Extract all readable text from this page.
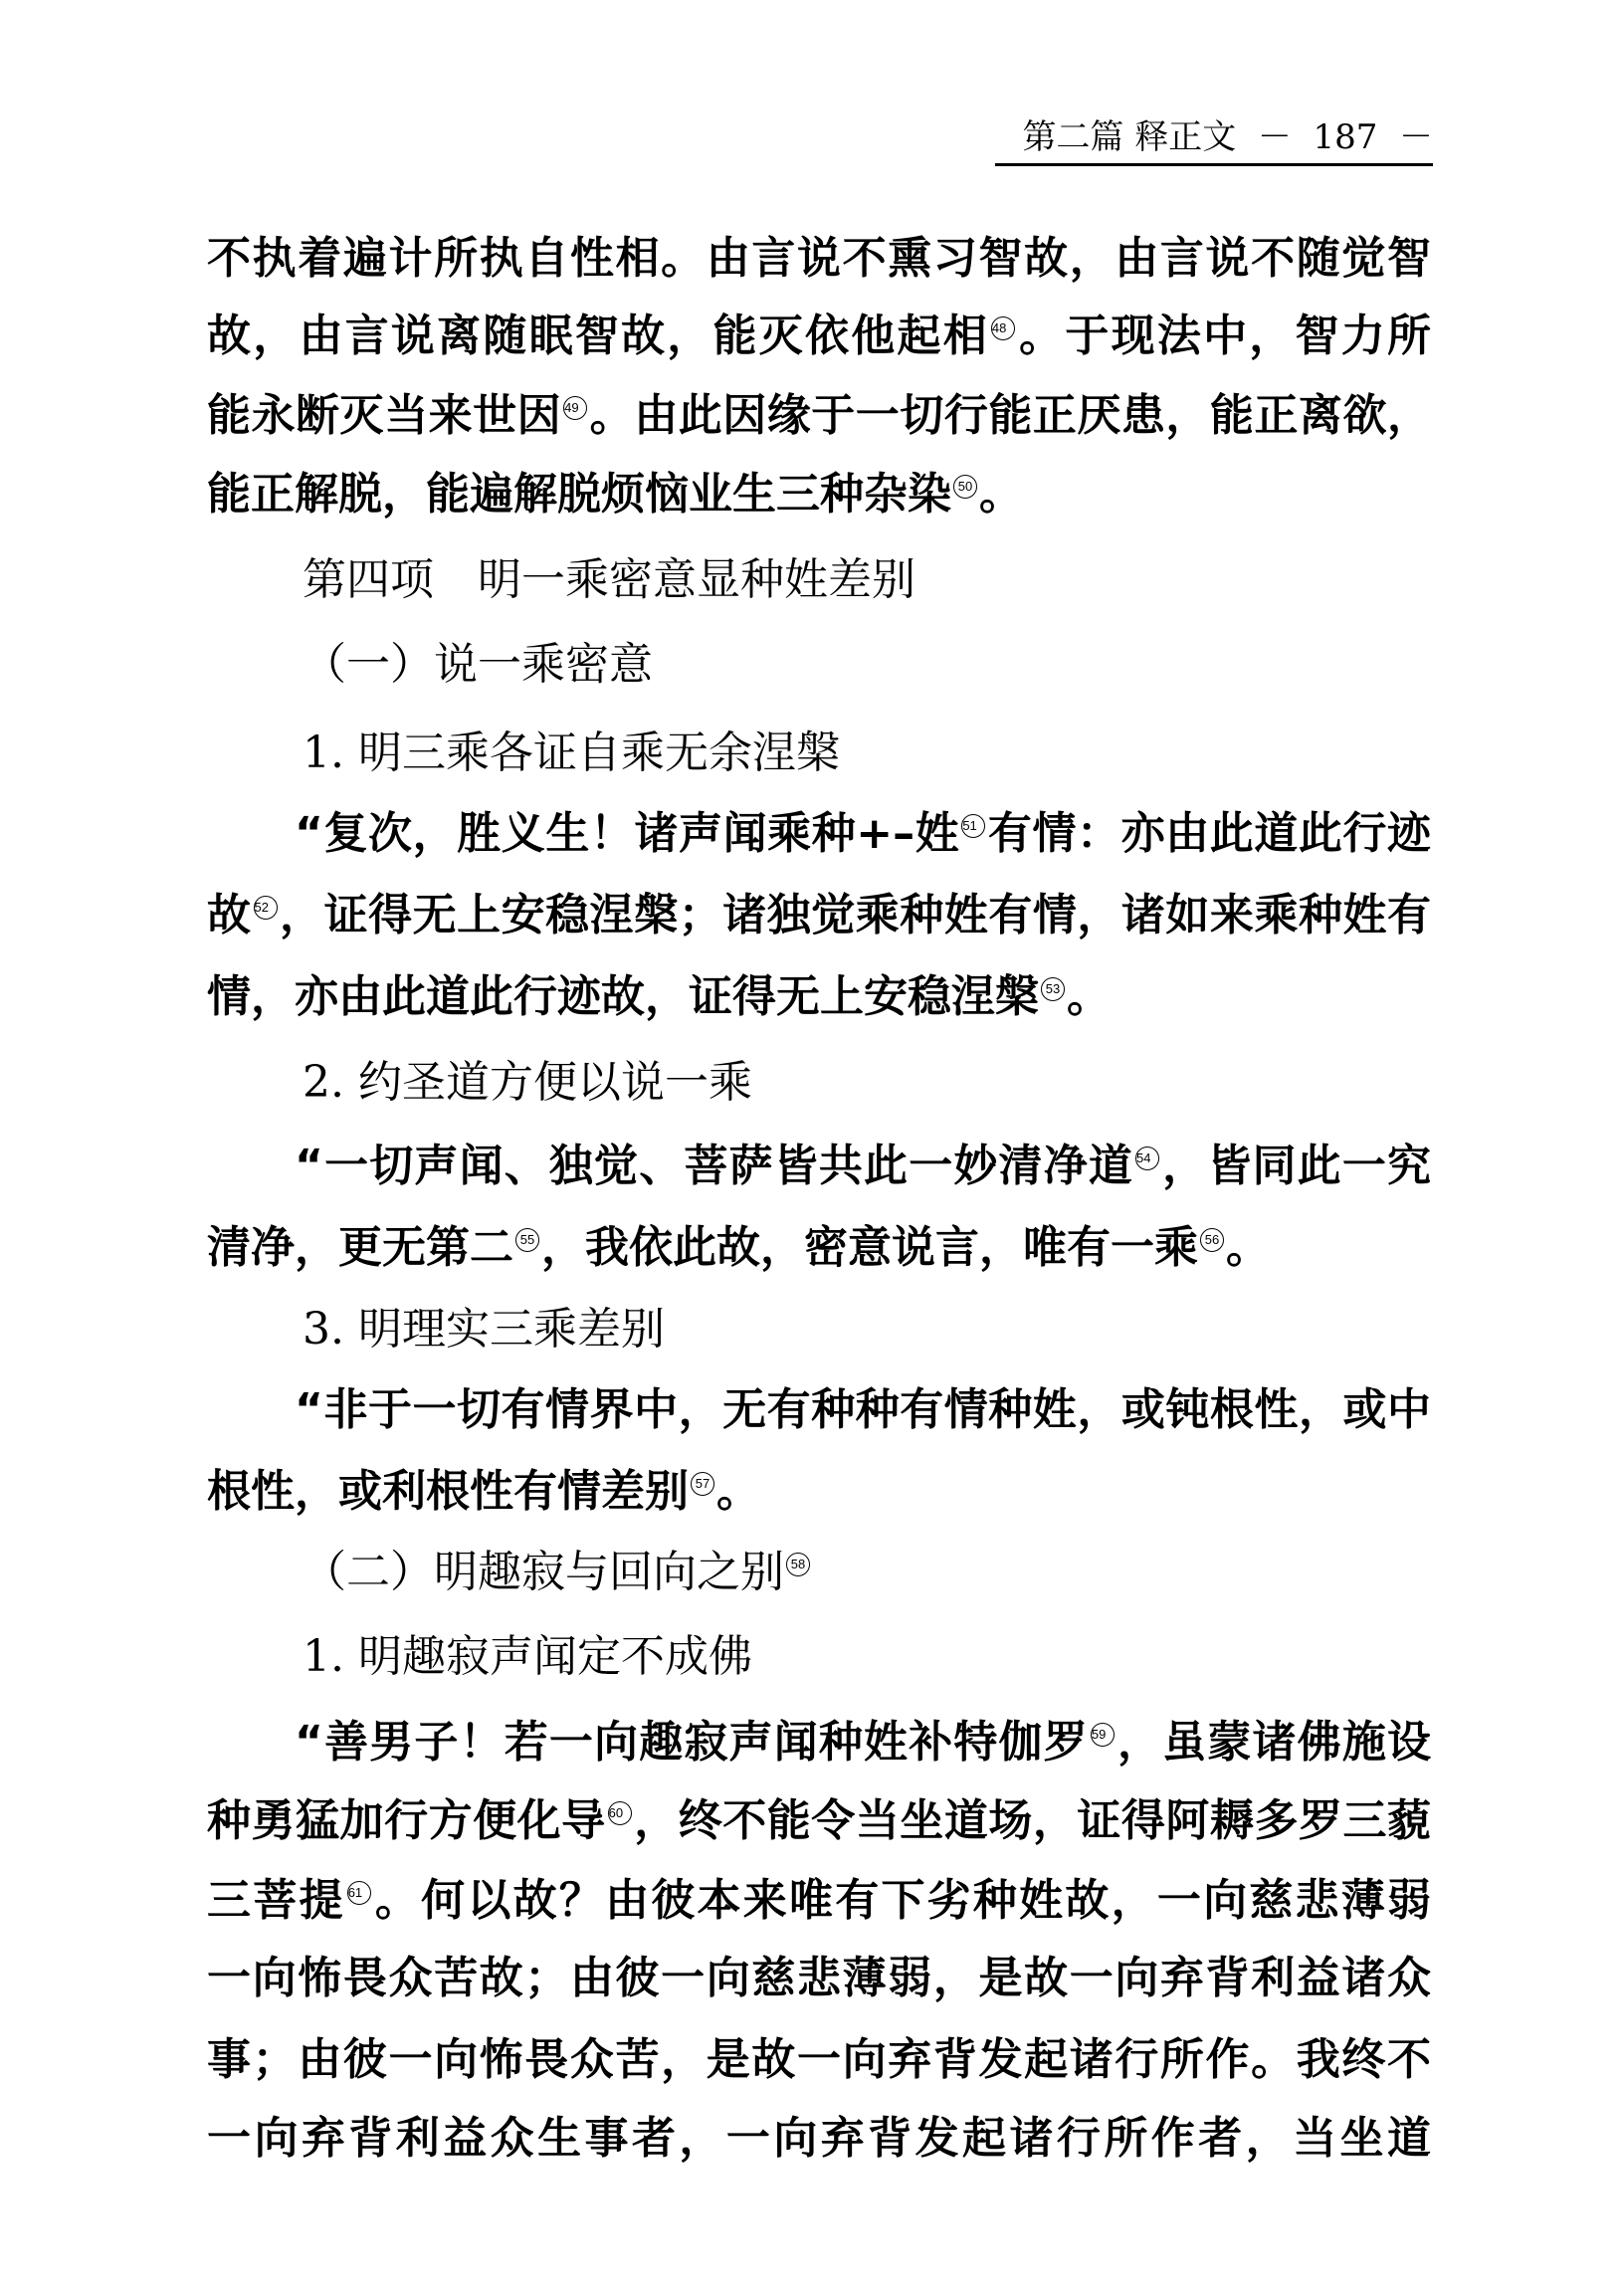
第二篇 释正文  －  187  －
不执着遍计所执自性相。由言说不熏习智故，由言说不随觉智
故，由言说离随眠智故，能灭依他起相 48 。于现法中，智力所
能永断灭当来世因 49 。由此因缘于一切行能正厌患，能正离欲，
能正解脱，能遍解脱烦恼业生三种杂染 50 。
第四项　明一乘密意显种姓差别
（一）说一乘密意
1. 明三乘各证自乘无余涅槃
“复次，胜义生！诸声闻乘种+–姓 51 有情：亦由此道此行迹
故 52 ，证得无上安稳涅槃；诸独觉乘种姓有情，诸如来乘种姓有
情，亦由此道此行迹故，证得无上安稳涅槃 53 。
2. 约圣道方便以说一乘
“一切声闻、独觉、菩萨皆共此一妙清净道 54 ，皆同此一究
清净，更无第二 55 ，我依此故，密意说言，唯有一乘 56 。
3. 明理实三乘差别
“非于一切有情界中，无有种种有情种姓，或钝根性，或中
根性，或利根性有情差别 57 。
（二）明趣寂与回向之别 58
1. 明趣寂声闻定不成佛
“善男子！若一向趣寂声闻种姓补特伽罗 59 ，虽蒙诸佛施设
种勇猛加行方便化导 60 ，终不能令当坐道场，证得阿耨多罗三藐
三菩提 61 。何以故？由彼本来唯有下劣种姓故，一向慈悲薄弱
一向怖畏众苦故；由彼一向慈悲薄弱，是故一向弃背利益诸众
事；由彼一向怖畏众苦，是故一向弃背发起诸行所作。我终不
一向弃背利益众生事者，一向弃背发起诸行所作者，当坐道
